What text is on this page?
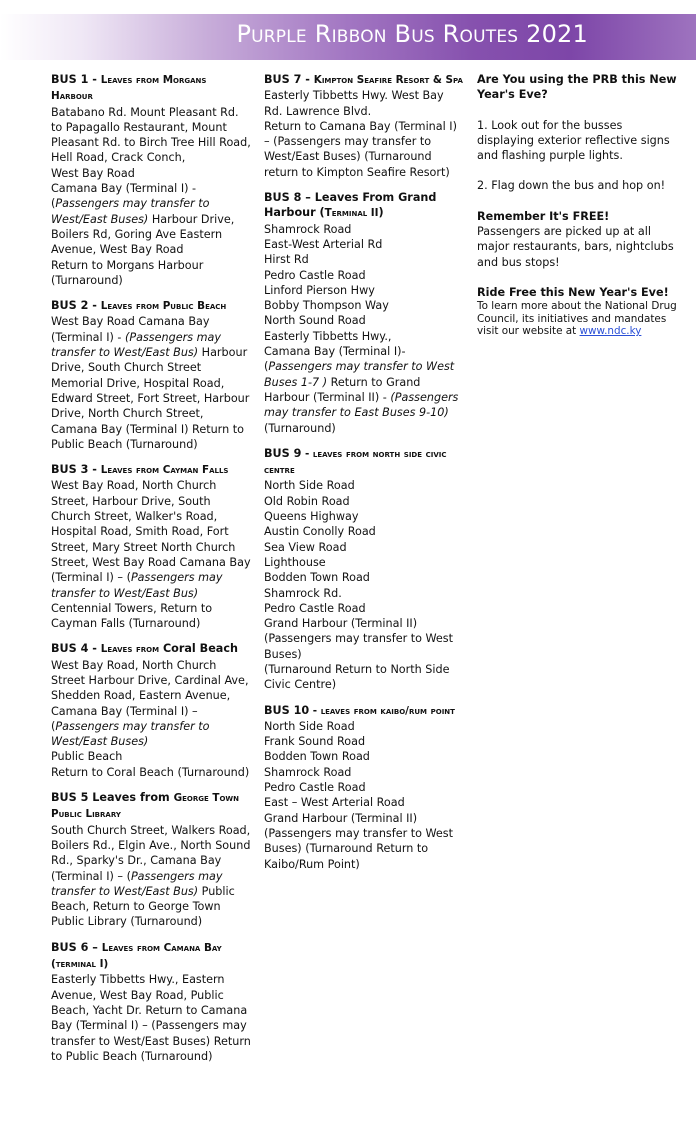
Purple Ribbon Bus Routes 2021
BUS 1 - Leaves from Morgans Harbour
Batabano Rd. Mount Pleasant Rd. to Papagallo Restaurant, Mount Pleasant Rd. to Birch Tree Hill Road, Hell Road, Crack Conch,
West Bay Road
Camana Bay (Terminal I) - (Passengers may transfer to West/East Buses) Harbour Drive, Boilers Rd, Goring Ave Eastern Avenue, West Bay Road
Return to Morgans Harbour (Turnaround)
BUS 2 - Leaves from Public Beach
West Bay Road Camana Bay (Terminal I) - (Passengers may transfer to West/East Bus) Harbour Drive, South Church Street Memorial Drive, Hospital Road, Edward Street, Fort Street, Harbour Drive, North Church Street, Camana Bay (Terminal I) Return to Public Beach (Turnaround)
BUS 3 - Leaves from Cayman Falls
West Bay Road, North Church Street, Harbour Drive, South Church Street, Walker's Road, Hospital Road, Smith Road, Fort Street, Mary Street North Church Street, West Bay Road Camana Bay (Terminal I) – (Passengers may transfer to West/East Bus) Centennial Towers, Return to Cayman Falls (Turnaround)
BUS 4 - Leaves from Coral Beach
West Bay Road, North Church Street Harbour Drive, Cardinal Ave, Shedden Road, Eastern Avenue, Camana Bay (Terminal I) – (Passengers may transfer to West/East Buses)
Public Beach
Return to Coral Beach (Turnaround)
BUS 5 Leaves from George Town Public Library
South Church Street, Walkers Road, Boilers Rd., Elgin Ave., North Sound Rd., Sparky's Dr., Camana Bay (Terminal I) – (Passengers may transfer to West/East Bus) Public Beach, Return to George Town Public Library (Turnaround)
BUS 6 – Leaves from Camana Bay (terminal I)
Easterly Tibbetts Hwy., Eastern Avenue, West Bay Road, Public Beach, Yacht Dr. Return to Camana Bay (Terminal I) – (Passengers may transfer to West/East Buses) Return to Public Beach (Turnaround)
BUS 7 - Kimpton Seafire Resort & Spa
Easterly Tibbetts Hwy. West Bay Rd. Lawrence Blvd.
Return to Camana Bay (Terminal I) – (Passengers may transfer to West/East Buses) (Turnaround return to Kimpton Seafire Resort)
BUS 8 – Leaves From Grand Harbour (Terminal II)
Shamrock Road
East-West Arterial Rd
Hirst Rd
Pedro Castle Road
Linford Pierson Hwy
Bobby Thompson Way
North Sound Road
Easterly Tibbetts Hwy.,
Camana Bay (Terminal I)-(Passengers may transfer to West Buses 1-7 ) Return to Grand Harbour (Terminal II) - (Passengers may transfer to East Buses 9-10) (Turnaround)
BUS 9 - leaves from north side civic centre
North Side Road
Old Robin Road
Queens Highway
Austin Conolly Road
Sea View Road
Lighthouse
Bodden Town Road
Shamrock Rd.
Pedro Castle Road
Grand Harbour (Terminal II)
(Passengers may transfer to West Buses)
(Turnaround Return to North Side Civic Centre)
BUS 10 - leaves from kaibo/rum point
North Side Road
Frank Sound Road
Bodden Town Road
Shamrock Road
Pedro Castle Road
East – West Arterial Road
Grand Harbour (Terminal II)
(Passengers may transfer to West Buses) (Turnaround Return to Kaibo/Rum Point)

Are You using the PRB this New Year's Eve?

1. Look out for the busses displaying exterior reflective signs and flashing purple lights.

2. Flag down the bus and hop on!

Remember It's FREE!
Passengers are picked up at all major restaurants, bars, nightclubs and bus stops!

Ride Free this New Year's Eve!
To learn more about the National Drug Council, its initiatives and mandates visit our website at www.ndc.ky
